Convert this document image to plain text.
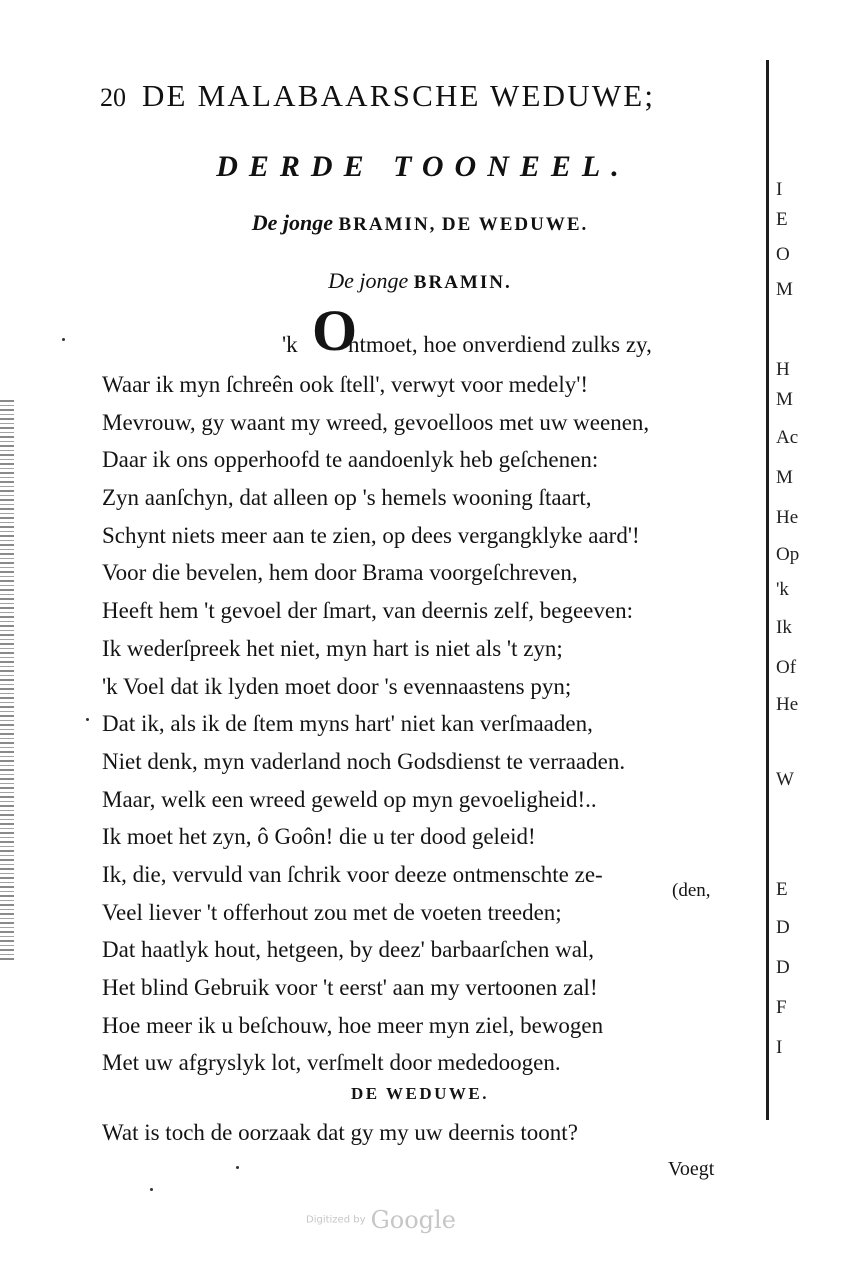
I
E
O
M
H
M
Ac
M
He
Op
'k
Ik
Of
He
W
E
D
D
F
I
20 DE MALABAARSCHE WEDUWE;
DERDE TOONEEL.
De jonge BRAMIN, DE WEDUWE.
De jonge BRAMIN.
'k O
ntmoet, hoe onverdiend zulks zy,
Waar ik myn ſchreên ook ſtell', verwyt voor medely'!
Mevrouw, gy waant my wreed, gevoelloos met uw weenen,
Daar ik ons opperhoofd te aandoenlyk heb geſchenen:
Zyn aanſchyn, dat alleen op 's hemels wooning ſtaart,
Schynt niets meer aan te zien, op dees vergangklyke aard'!
Voor die bevelen, hem door Brama voorgeſchreven,
Heeft hem 't gevoel der ſmart, van deernis zelf, begeeven:
Ik wederſpreek het niet, myn hart is niet als 't zyn;
'k Voel dat ik lyden moet door 's evennaastens pyn;
Dat ik, als ik de ſtem myns hart' niet kan verſmaaden,
Niet denk, myn vaderland noch Godsdienst te verraaden.
Maar, welk een wreed geweld op myn gevoeligheid!..
Ik moet het zyn, ô Goôn! die u ter dood geleid!
Ik, die, vervuld van ſchrik voor deeze ontmenschte ze-
Veel liever 't offerhout zou met de voeten treeden;
Dat haatlyk hout, hetgeen, by deez' barbaarſchen wal,
Het blind Gebruik voor 't eerst' aan my vertoonen zal!
Hoe meer ik u beſchouw, hoe meer myn ziel, bewogen
Met uw afgryslyk lot, verſmelt door mededoogen.
(den,
DE WEDUWE.
Wat is toch de oorzaak dat gy my uw deernis toont?
Voegt
Digitized by Google
